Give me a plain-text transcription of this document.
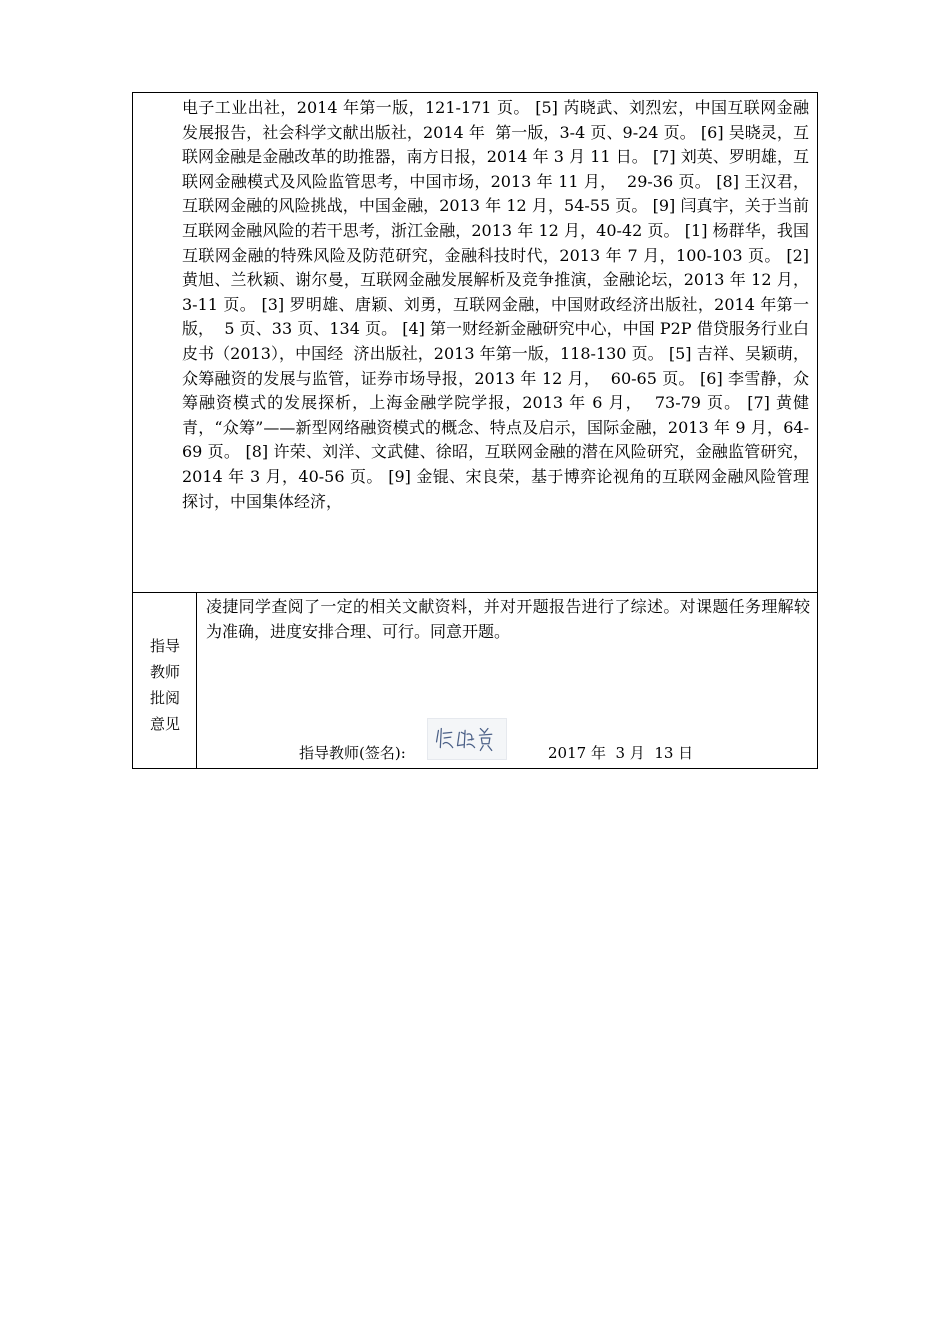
电子工业出社，2014 年第一版，121-171 页。 [5] 芮晓武、刘烈宏，中国互联网金融发展报告，社会科学文献出版社，2014 年  第一版，3-4 页、9-24 页。 [6] 吴晓灵，互联网金融是金融改革的助推器，南方日报，2014 年 3 月 11 日。 [7] 刘英、罗明雄，互联网金融模式及风险监管思考，中国市场，2013 年 11 月，  29-36 页。 [8] 王汉君，互联网金融的风险挑战，中国金融，2013 年 12 月，54-55 页。 [9] 闫真宇，关于当前互联网金融风险的若干思考，浙江金融，2013 年 12 月，40-42 页。 [1] 杨群华，我国互联网金融的特殊风险及防范研究，金融科技时代，2013 年 7 月，100-103 页。 [2] 黄旭、兰秋颖、谢尔曼，互联网金融发展解析及竞争推演，金融论坛，2013 年 12 月，3-11 页。 [3] 罗明雄、唐颖、刘勇，互联网金融，中国财政经济出版社，2014 年第一版，  5 页、33 页、134 页。 [4] 第一财经新金融研究中心，中国 P2P 借贷服务行业白皮书（2013），中国经  济出版社，2013 年第一版，118-130 页。 [5] 吉祥、吴颖萌，众筹融资的发展与监管，证券市场导报，2013 年 12 月，  60-65 页。 [6] 李雪静，众筹融资模式的发展探析，上海金融学院学报，2013 年 6 月，  73-79 页。 [7] 黄健青，“众筹”——新型网络融资模式的概念、特点及启示，国际金融，2013 年 9 月，64-69 页。 [8] 许荣、刘洋、文武健、徐昭，互联网金融的潜在风险研究，金融监管研究，  2014 年 3 月，40-56 页。 [9] 金锟、宋良荣，基于博弈论视角的互联网金融风险管理探讨，中国集体经济，
指导教师批阅意见
凌捷同学查阅了一定的相关文献资料，并对开题报告进行了综述。对课题任务理解较为准确，进度安排合理、可行。同意开题。
指导教师(签名):	2017 年  3 月  13 日
